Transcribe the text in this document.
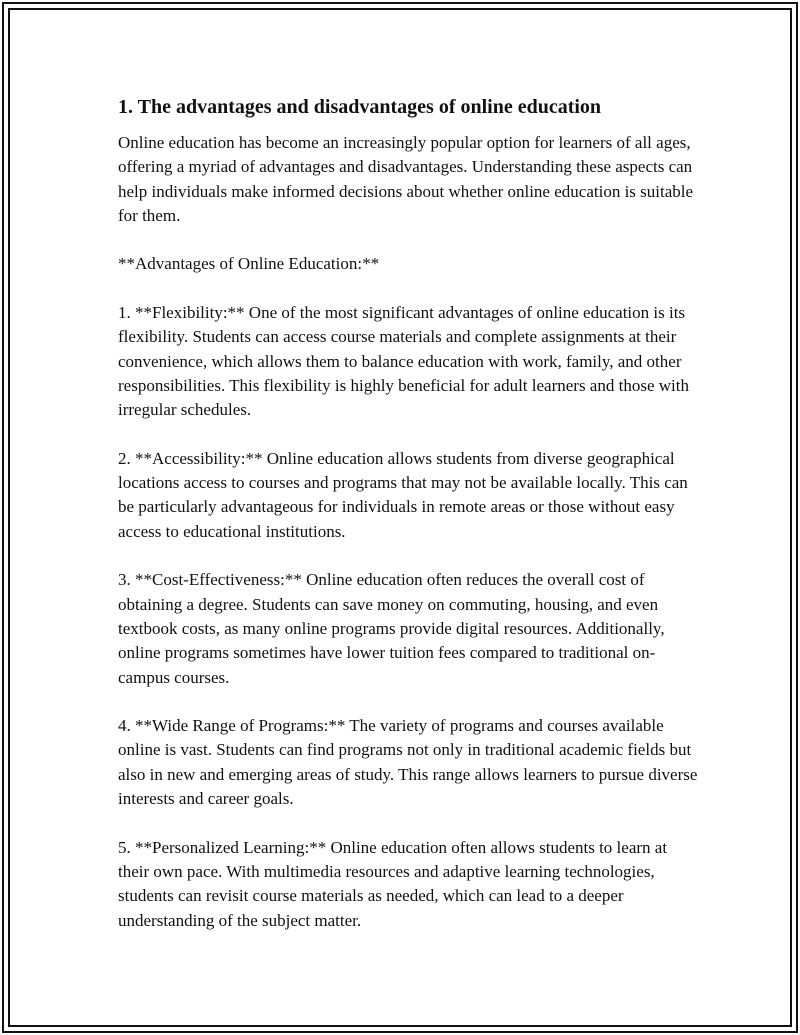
1. The advantages and disadvantages of online education

Online education has become an increasingly popular option for learners of all ages, offering a myriad of advantages and disadvantages. Understanding these aspects can help individuals make informed decisions about whether online education is suitable for them.

**Advantages of Online Education:**

1. **Flexibility:** One of the most significant advantages of online education is its flexibility. Students can access course materials and complete assignments at their convenience, which allows them to balance education with work, family, and other responsibilities. This flexibility is highly beneficial for adult learners and those with irregular schedules.

2. **Accessibility:** Online education allows students from diverse geographical locations access to courses and programs that may not be available locally. This can be particularly advantageous for individuals in remote areas or those without easy access to educational institutions.

3. **Cost-Effectiveness:** Online education often reduces the overall cost of obtaining a degree. Students can save money on commuting, housing, and even textbook costs, as many online programs provide digital resources. Additionally, online programs sometimes have lower tuition fees compared to traditional on-campus courses.

4. **Wide Range of Programs:** The variety of programs and courses available online is vast. Students can find programs not only in traditional academic fields but also in new and emerging areas of study. This range allows learners to pursue diverse interests and career goals.

5. **Personalized Learning:** Online education often allows students to learn at their own pace. With multimedia resources and adaptive learning technologies, students can revisit course materials as needed, which can lead to a deeper understanding of the subject matter.
